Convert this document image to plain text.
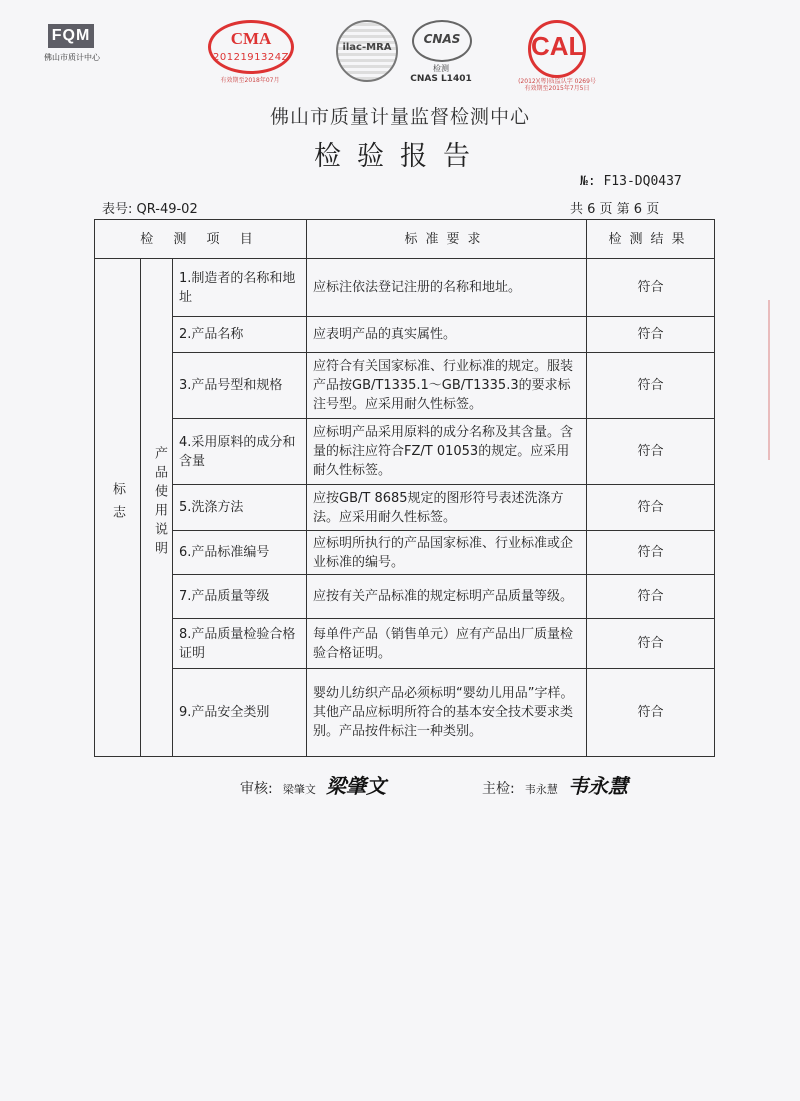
FQM
佛山市质计中心
CMA
2012191324Z
有效期至2018年07月
ilac-MRA
CNAS
检测
CNAS L1401
CAL
(2012)(粤)质监认字 0269号
有效期至2015年7月5日
佛山市质量计量监督检测中心
检验报告
№: F13-DQ0437
表号: QR-49-02	共 6 页 第 6 页
检 测 项 目			标准要求	检测结果
标志	产品使用说明	1.制造者的名称和地址	应标注依法登记注册的名称和地址。	符合
		2.产品名称	应表明产品的真实属性。	符合
		3.产品号型和规格	应符合有关国家标准、行业标准的规定。服装产品按GB/T1335.1～GB/T1335.3的要求标注号型。应采用耐久性标签。	符合
		4.采用原料的成分和含量	应标明产品采用原料的成分名称及其含量。含量的标注应符合FZ/T 01053的规定。应采用耐久性标签。	符合
		5.洗涤方法	应按GB/T 8685规定的图形符号表述洗涤方法。应采用耐久性标签。	符合
		6.产品标准编号	应标明所执行的产品国家标准、行业标准或企业标准的编号。	符合
		7.产品质量等级	应按有关产品标准的规定标明产品质量等级。	符合
		8.产品质量检验合格证明	每单件产品（销售单元）应有产品出厂质量检验合格证明。	符合
		9.产品安全类别	婴幼儿纺织产品必须标明“婴幼儿用品”字样。其他产品应标明所符合的基本安全技术要求类别。产品按件标注一种类别。	符合
审核: 梁肇文 梁肇文	主检: 韦永慧 韦永慧
